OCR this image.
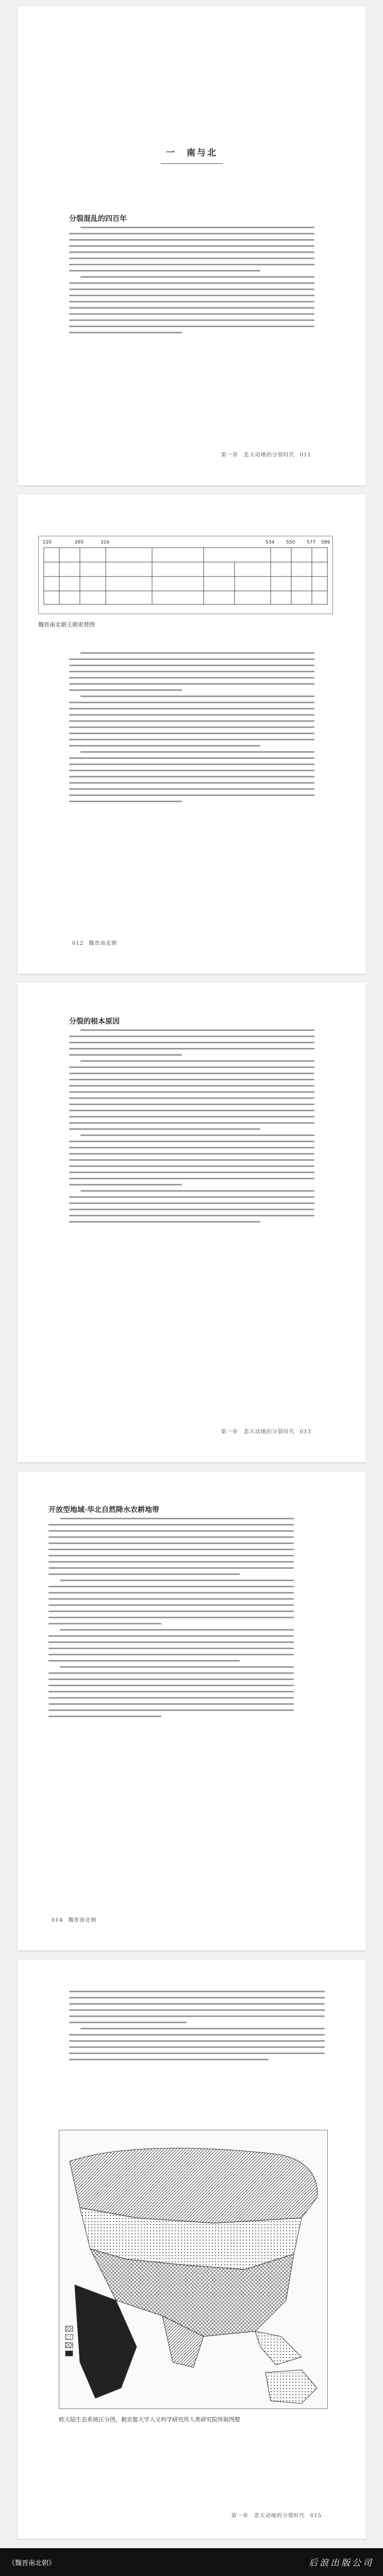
一　南与北
分裂混乱的四百年
第一章　悲天动地的分裂时代 011
220	265	316	534	550	577 589
魏晋南北朝王朝更替图
012 魏晋南北朝
分裂的根本原因
第一章　悲天动地的分裂时代 013
开放型地域·华北自然降水农耕地带
014 魏晋南北朝
欧大陆生态系统区分图，据京都大学人文科学研究所人类研究院所制图整
第一章　悲天动地的分裂时代 015
《魏晋南北朝》	后浪出版公司
